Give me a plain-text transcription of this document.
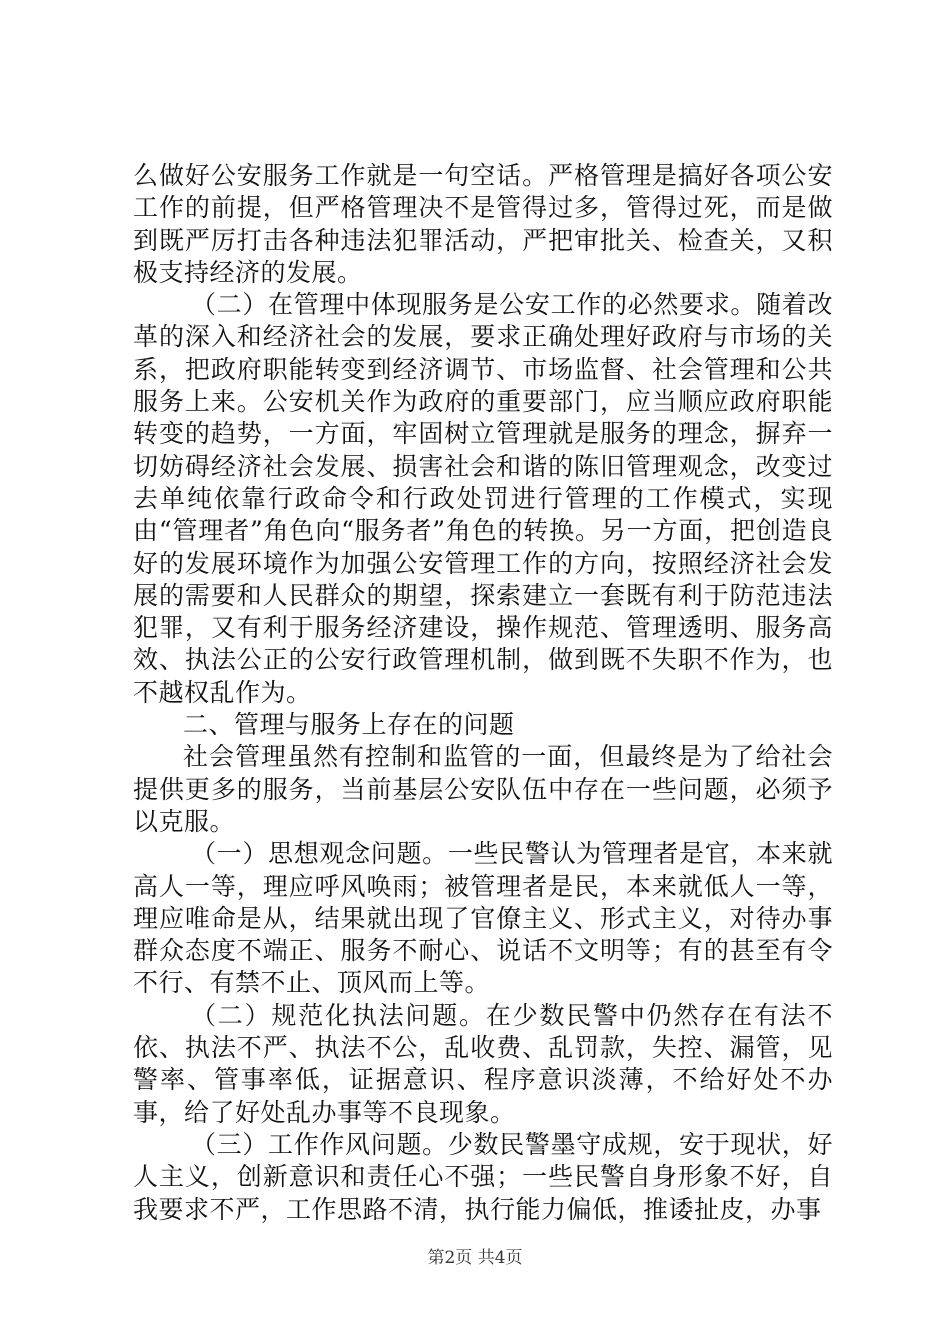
么做好公安服务工作就是一句空话。严格管理是搞好各项公安工作的前提，但严格管理决不是管得过多，管得过死，而是做到既严厉打击各种违法犯罪活动，严把审批关、检查关，又积极支持经济的发展。

（二）在管理中体现服务是公安工作的必然要求。随着改革的深入和经济社会的发展，要求正确处理好政府与市场的关系，把政府职能转变到经济调节、市场监督、社会管理和公共服务上来。公安机关作为政府的重要部门，应当顺应政府职能转变的趋势，一方面，牢固树立管理就是服务的理念，摒弃一切妨碍经济社会发展、损害社会和谐的陈旧管理观念，改变过去单纯依靠行政命令和行政处罚进行管理的工作模式，实现由“管理者”角色向“服务者”角色的转换。另一方面，把创造良好的发展环境作为加强公安管理工作的方向，按照经济社会发展的需要和人民群众的期望，探索建立一套既有利于防范违法犯罪，又有利于服务经济建设，操作规范、管理透明、服务高效、执法公正的公安行政管理机制，做到既不失职不作为，也不越权乱作为。

二、管理与服务上存在的问题

社会管理虽然有控制和监管的一面，但最终是为了给社会提供更多的服务，当前基层公安队伍中存在一些问题，必须予以克服。

（一）思想观念问题。一些民警认为管理者是官，本来就高人一等，理应呼风唤雨；被管理者是民，本来就低人一等，理应唯命是从，结果就出现了官僚主义、形式主义，对待办事群众态度不端正、服务不耐心、说话不文明等；有的甚至有令不行、有禁不止、顶风而上等。

（二）规范化执法问题。在少数民警中仍然存在有法不依、执法不严、执法不公，乱收费、乱罚款，失控、漏管，见警率、管事率低，证据意识、程序意识淡薄，不给好处不办事，给了好处乱办事等不良现象。

（三）工作作风问题。少数民警墨守成规，安于现状，好人主义，创新意识和责任心不强；一些民警自身形象不好，自我要求不严，工作思路不清，执行能力偏低，推诿扯皮，办事

第2页 共4页
